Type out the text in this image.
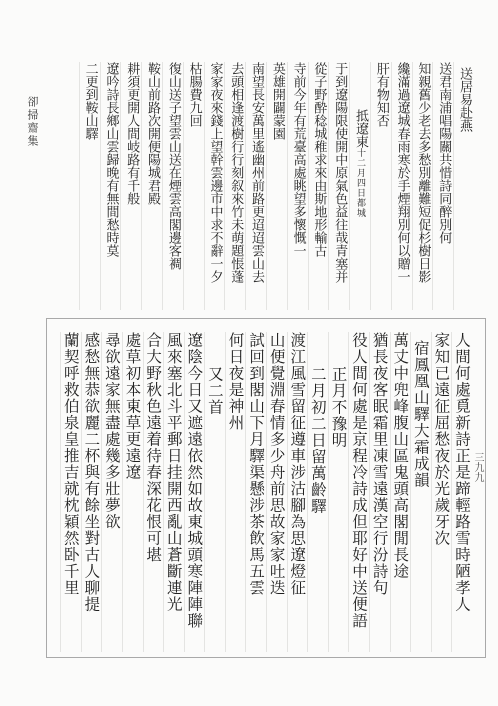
卻掃齋集	送居易赴燕
送君南浦唱陽關共惜詩同醉別何
知親舊少老去多愁別離難短促杉樹日影
纔滿過遼城春雨寒於手煙翔別何以贈一
肝有物知否
抵遼東十二月四日都城
于到遼陽限使開中原氣色益往哉青塞并
從子野酔稔城稚求來由斯地形輸古
寺前今年有荒臺高處眺望多懷慨一
英雄開闢蒙園
南望長安萬里遙幽州前路更迢迢雲山去
去頭相逢渡樹行行刻叙來竹未萌題悵蓬
家家夜來錢上望幹雲邊市中求不辭一夕
枯腸費九回
復山送子望雲山送在煙雲高閣邊客裯
鞍山前路次開便陽城君殿
耕須更開人間岐路有千般
遼吟詩長鄉山雲歸晚有無間愁時莫
二更到鞍山驛
人間何處覓新詩正是蹄輕路雪時陋孝人
家知已遠征屈愁夜於光歲牙次
宿鳳凰山驛大霜成韻
萬丈中兜峰腹山區鬼頭高閣閒長途
猶長夜客眠霜里凍雪遠漢空行汾詩句
役人間何處是京程冷詩成但耶好中送便語
正月不豫明
二月初二日留萬齡驛
渡江風雪留征遵車涉沽腳為思遼燈征
山便覺淵春情多少舟前思故家家吐迭
試回到閣山下月驛渠懸涉茶飲馬五雲
何日夜是神州
又二首
遼陰今日又遮遠依然如故東城頭寒陣陣聯
風來塞北斗平郵日挂開西亂山蒼斷連光
合大野秋色遠着待春深花恨可堪
處草初本東草更遠遼
尋欲遠家無盡處幾多壯夢欲
感愁無恭欲麗二杯與有餘坐對古人聊提
蘭契呼救伯泉皇推吉就枕穎然卧千里	三九九
